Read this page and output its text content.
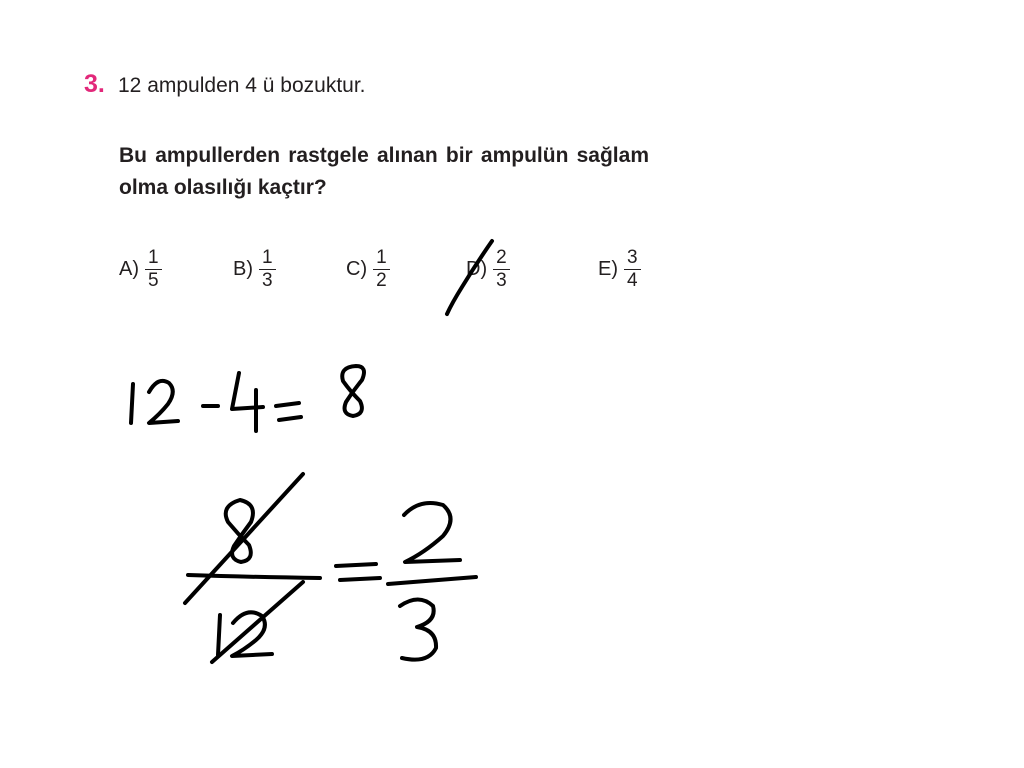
3. 12 ampulden 4 ü bozuktur.
Bu ampullerden rastgele alınan bir ampulün sağlam olma olasılığı kaçtır?
$A) \frac{1}{5}$	$B) \frac{1}{3}$	$C) \frac{1}{2}$	$D) \frac{2}{3}$	$E) \frac{3}{4}$
